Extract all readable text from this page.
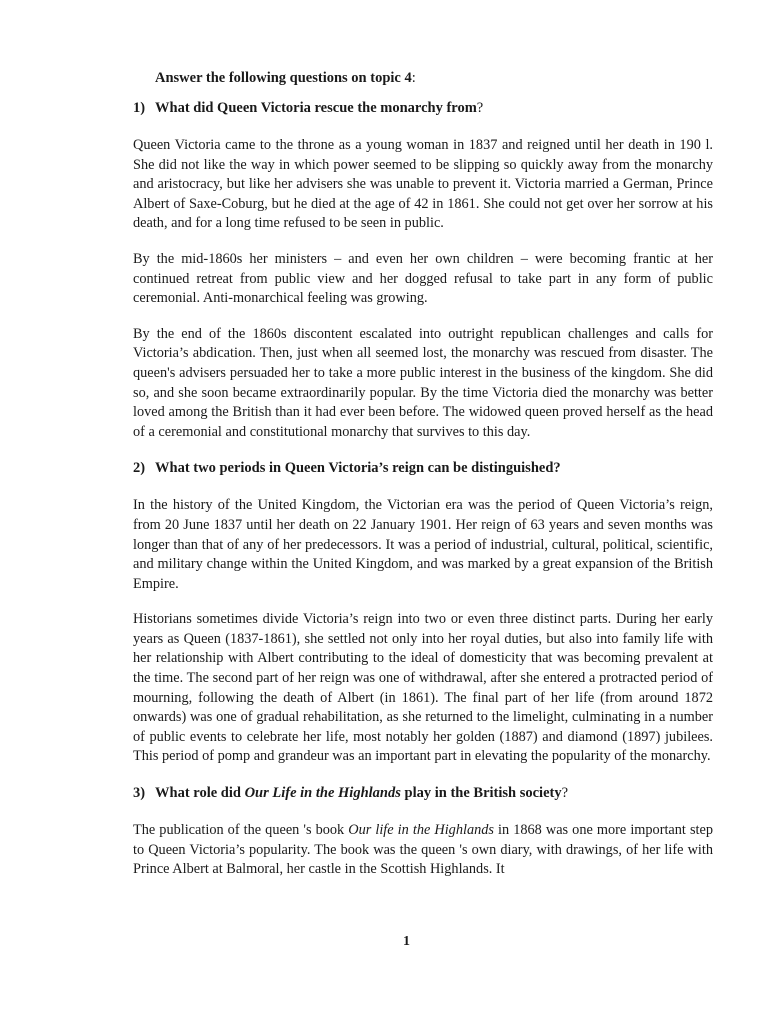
Answer the following questions on topic 4:

1) What did Queen Victoria rescue the monarchy from?

Queen Victoria came to the throne as a young woman in 1837 and reigned until her death in 190 l. She did not like the way in which power seemed to be slipping so quickly away from the monarchy and aristocracy, but like her advisers she was unable to prevent it. Victoria married a German, Prince Albert of Saxe-Coburg, but he died at the age of 42 in 1861. She could not get over her sorrow at his death, and for a long time refused to be seen in public.

By the mid-1860s her ministers – and even her own children – were becoming frantic at her continued retreat from public view and her dogged refusal to take part in any form of public ceremonial. Anti-monarchical feeling was growing.

By the end of the 1860s discontent escalated into outright republican challenges and calls for Victoria’s abdication. Then, just when all seemed lost, the monarchy was rescued from disaster. The queen's advisers persuaded her to take a more public interest in the business of the kingdom. She did so, and she soon became extraordinarily popular. By the time Victoria died the monarchy was better loved among the British than it had ever been before. The widowed queen proved herself as the head of a ceremonial and constitutional monarchy that survives to this day.

2) What two periods in Queen Victoria’s reign can be distinguished?

In the history of the United Kingdom, the Victorian era was the period of Queen Victoria’s reign, from 20 June 1837 until her death on 22 January 1901. Her reign of 63 years and seven months was longer than that of any of her predecessors. It was a period of industrial, cultural, political, scientific, and military change within the United Kingdom, and was marked by a great expansion of the British Empire.

Historians sometimes divide Victoria’s reign into two or even three distinct parts. During her early years as Queen (1837-1861), she settled not only into her royal duties, but also into family life with her relationship with Albert contributing to the ideal of domesticity that was becoming prevalent at the time. The second part of her reign was one of withdrawal, after she entered a protracted period of mourning, following the death of Albert (in 1861). The final part of her life (from around 1872 onwards) was one of gradual rehabilitation, as she returned to the limelight, culminating in a number of public events to celebrate her life, most notably her golden (1887) and diamond (1897) jubilees. This period of pomp and grandeur was an important part in elevating the popularity of the monarchy.

3) What role did Our Life in the Highlands play in the British society?

The publication of the queen 's book Our life in the Highlands in 1868 was one more important step to Queen Victoria’s popularity. The book was the queen 's own diary, with drawings, of her life with Prince Albert at Balmoral, her castle in the Scottish Highlands. It

1
